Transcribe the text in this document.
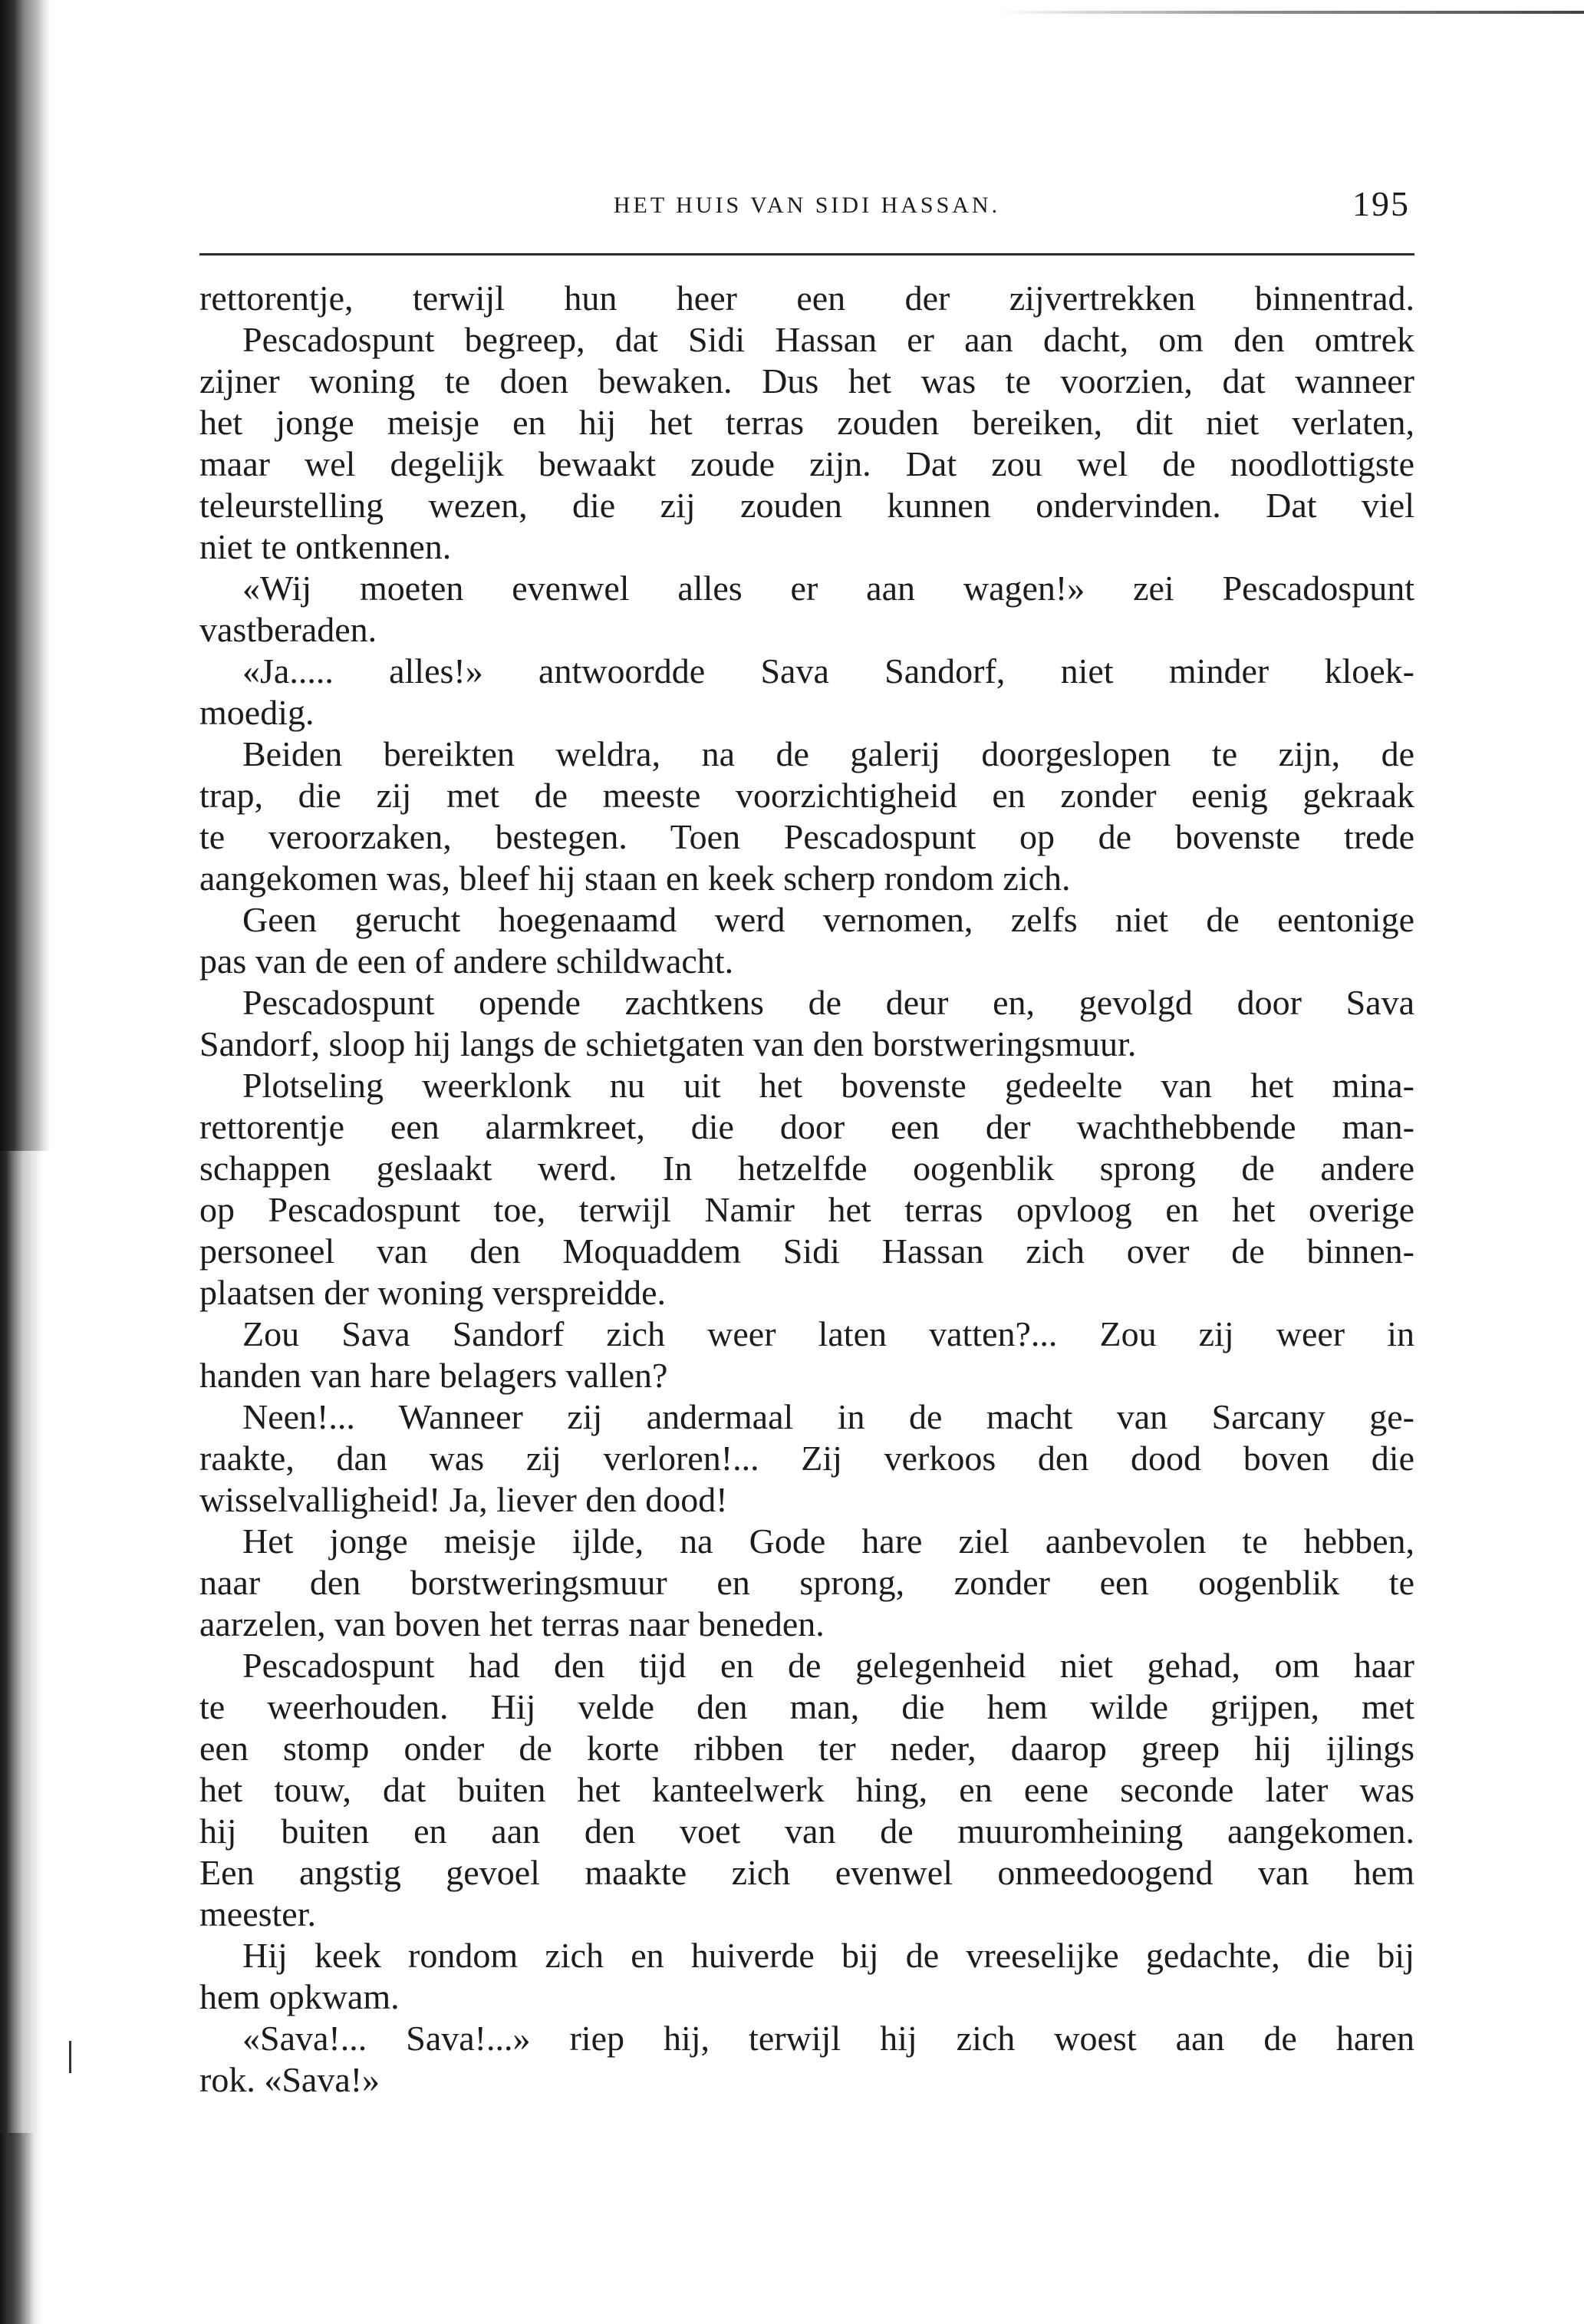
HET HUIS VAN SIDI HASSAN.	195
rettorentje, terwijl hun heer een der zijvertrekken binnentrad.
Pescadospunt begreep, dat Sidi Hassan er aan dacht, om den omtrek
zijner woning te doen bewaken. Dus het was te voorzien, dat wanneer
het jonge meisje en hij het terras zouden bereiken, dit niet verlaten,
maar wel degelijk bewaakt zoude zijn. Dat zou wel de noodlottigste
teleurstelling wezen, die zij zouden kunnen ondervinden. Dat viel
niet te ontkennen.
«Wij moeten evenwel alles er aan wagen!» zei Pescadospunt
vastberaden.
«Ja..... alles!» antwoordde Sava Sandorf, niet minder kloek-
moedig.
Beiden bereikten weldra, na de galerij doorgeslopen te zijn, de
trap, die zij met de meeste voorzichtigheid en zonder eenig gekraak
te veroorzaken, bestegen. Toen Pescadospunt op de bovenste trede
aangekomen was, bleef hij staan en keek scherp rondom zich.
Geen gerucht hoegenaamd werd vernomen, zelfs niet de eentonige
pas van de een of andere schildwacht.
Pescadospunt opende zachtkens de deur en, gevolgd door Sava
Sandorf, sloop hij langs de schietgaten van den borstweringsmuur.
Plotseling weerklonk nu uit het bovenste gedeelte van het mina-
rettorentje een alarmkreet, die door een der wachthebbende man-
schappen geslaakt werd. In hetzelfde oogenblik sprong de andere
op Pescadospunt toe, terwijl Namir het terras opvloog en het overige
personeel van den Moquaddem Sidi Hassan zich over de binnen-
plaatsen der woning verspreidde.
Zou Sava Sandorf zich weer laten vatten?... Zou zij weer in
handen van hare belagers vallen?
Neen!... Wanneer zij andermaal in de macht van Sarcany ge-
raakte, dan was zij verloren!... Zij verkoos den dood boven die
wisselvalligheid! Ja, liever den dood!
Het jonge meisje ijlde, na Gode hare ziel aanbevolen te hebben,
naar den borstweringsmuur en sprong, zonder een oogenblik te
aarzelen, van boven het terras naar beneden.
Pescadospunt had den tijd en de gelegenheid niet gehad, om haar
te weerhouden. Hij velde den man, die hem wilde grijpen, met
een stomp onder de korte ribben ter neder, daarop greep hij ijlings
het touw, dat buiten het kanteelwerk hing, en eene seconde later was
hij buiten en aan den voet van de muuromheining aangekomen.
Een angstig gevoel maakte zich evenwel onmeedoogend van hem
meester.
Hij keek rondom zich en huiverde bij de vreeselijke gedachte, die bij
hem opkwam.
«Sava!... Sava!...» riep hij, terwijl hij zich woest aan de haren
rok. «Sava!»
